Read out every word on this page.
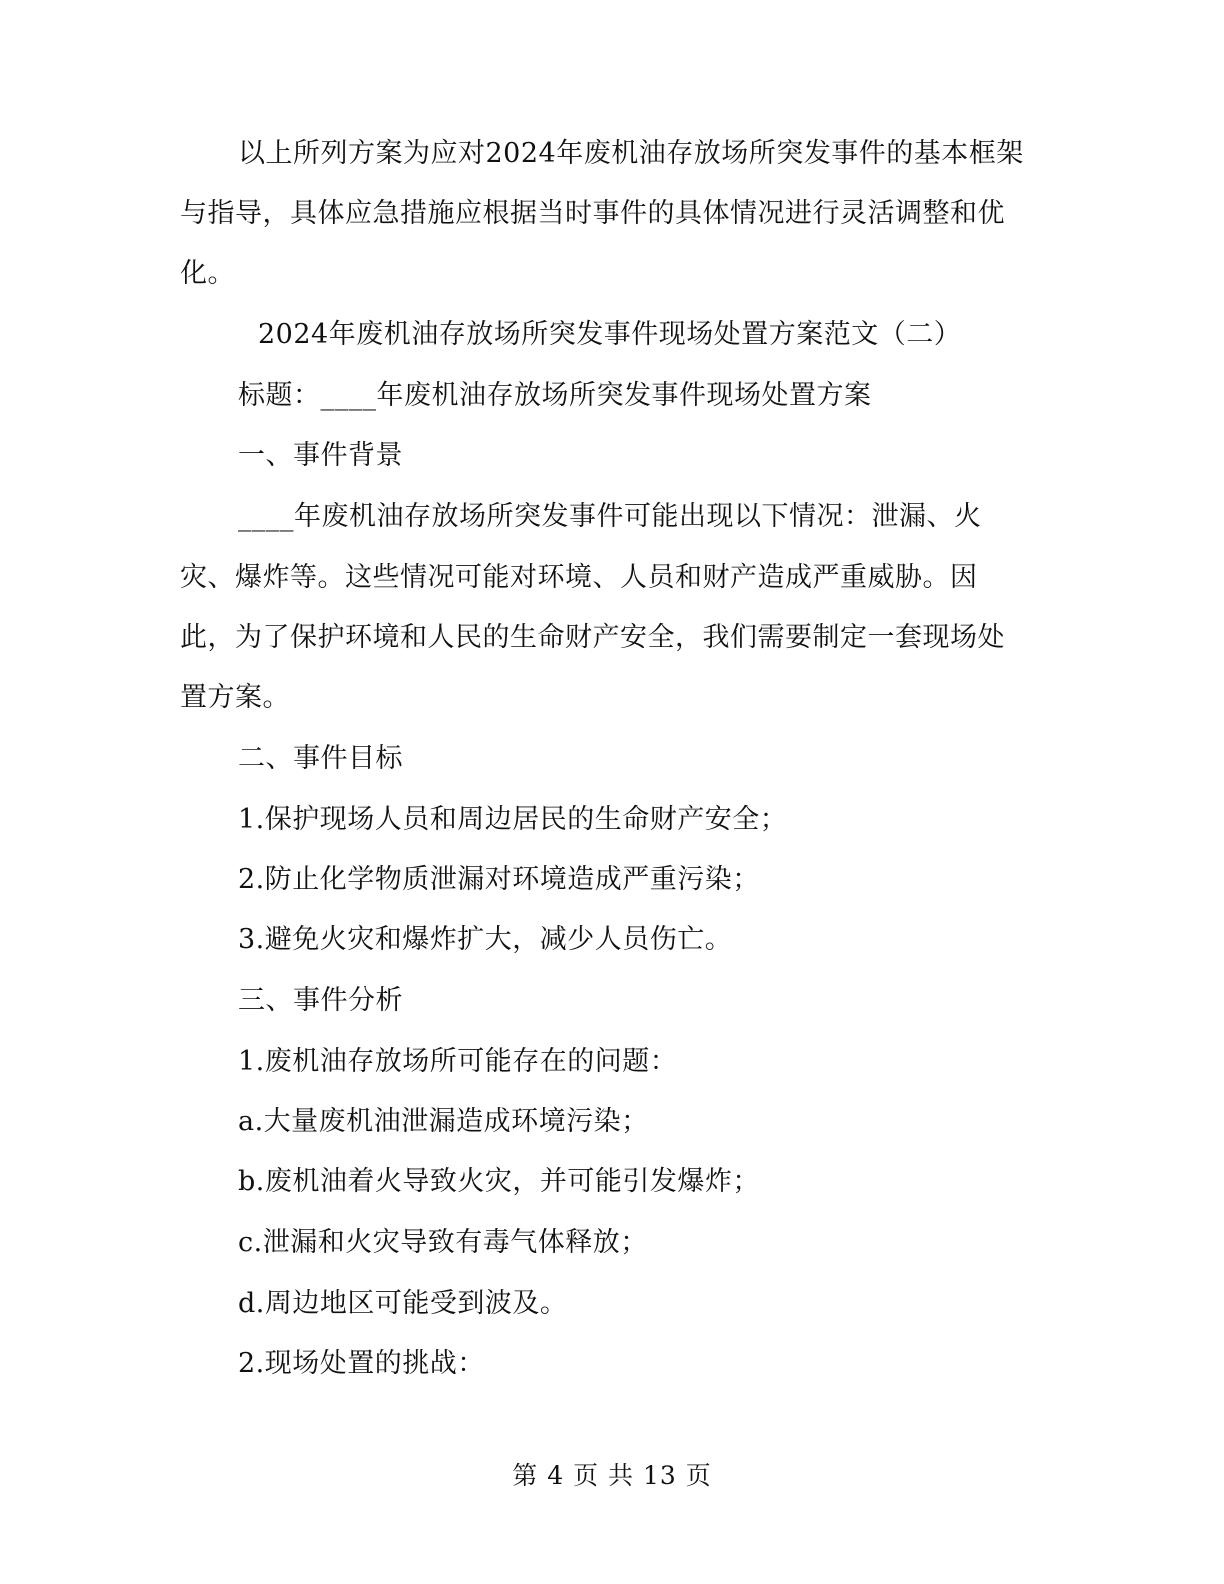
以上所列方案为应对2024年废机油存放场所突发事件的基本框架
与指导，具体应急措施应根据当时事件的具体情况进行灵活调整和优
化。
2024年废机油存放场所突发事件现场处置方案范文（二）
标题：____年废机油存放场所突发事件现场处置方案
一、事件背景
____年废机油存放场所突发事件可能出现以下情况：泄漏、火
灾、爆炸等。这些情况可能对环境、人员和财产造成严重威胁。因
此，为了保护环境和人民的生命财产安全，我们需要制定一套现场处
置方案。
二、事件目标
1.保护现场人员和周边居民的生命财产安全；
2.防止化学物质泄漏对环境造成严重污染；
3.避免火灾和爆炸扩大，减少人员伤亡。
三、事件分析
1.废机油存放场所可能存在的问题：
a.大量废机油泄漏造成环境污染；
b.废机油着火导致火灾，并可能引发爆炸；
c.泄漏和火灾导致有毒气体释放；
d.周边地区可能受到波及。
2.现场处置的挑战：
第 4 页 共 13 页
